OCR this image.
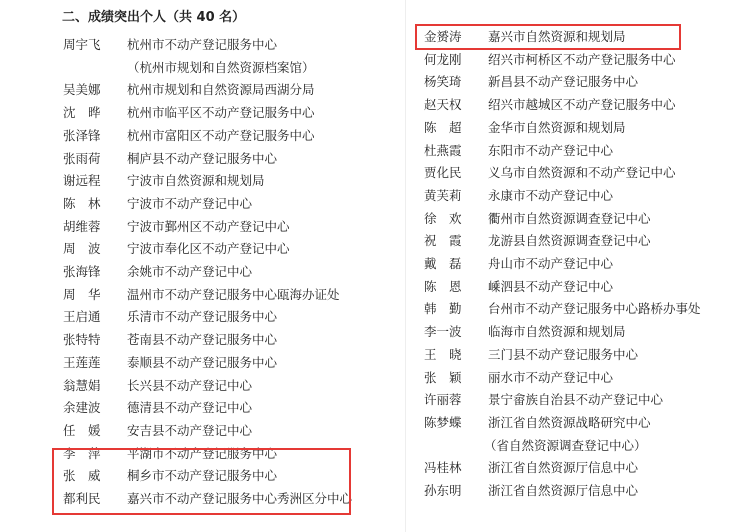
二、成绩突出个人（共 40 名）
周宇飞 杭州市不动产登记服务中心
（杭州市规划和自然资源档案馆）
吴美娜 杭州市规划和自然资源局西湖分局
沈　晔 杭州市临平区不动产登记服务中心
张泽锋 杭州市富阳区不动产登记服务中心
张雨荷 桐庐县不动产登记服务中心
谢远程 宁波市自然资源和规划局
陈　林 宁波市不动产登记中心
胡维蓉 宁波市鄞州区不动产登记中心
周　波 宁波市奉化区不动产登记中心
张海锋 余姚市不动产登记中心
周　华 温州市不动产登记服务中心瓯海办证处
王启通 乐清市不动产登记服务中心
张特特 苍南县不动产登记服务中心
王莲莲 泰顺县不动产登记服务中心
翁慧娟 长兴县不动产登记中心
余建波 德清县不动产登记中心
任　媛 安吉县不动产登记中心
李　萍 平湖市不动产登记服务中心
张　威 桐乡市不动产登记服务中心
都利民 嘉兴市不动产登记服务中心秀洲区分中心
金赟涛 嘉兴市自然资源和规划局
何龙刚 绍兴市柯桥区不动产登记服务中心
杨笑琦 新昌县不动产登记服务中心
赵天权 绍兴市越城区不动产登记服务中心
陈　超 金华市自然资源和规划局
杜燕霞 东阳市不动产登记中心
贾化民 义乌市自然资源和不动产登记中心
黄芙莉 永康市不动产登记中心
徐　欢 衢州市自然资源调查登记中心
祝　霞 龙游县自然资源调查登记中心
戴　磊 舟山市不动产登记中心
陈　恩 嵊泗县不动产登记中心
韩　勤 台州市不动产登记服务中心路桥办事处
李一波 临海市自然资源和规划局
王　晓 三门县不动产登记服务中心
张　颖 丽水市不动产登记中心
许丽蓉 景宁畲族自治县不动产登记中心
陈梦蝶 浙江省自然资源战略研究中心
（省自然资源调查登记中心）
冯桂林 浙江省自然资源厅信息中心
孙东明 浙江省自然资源厅信息中心
